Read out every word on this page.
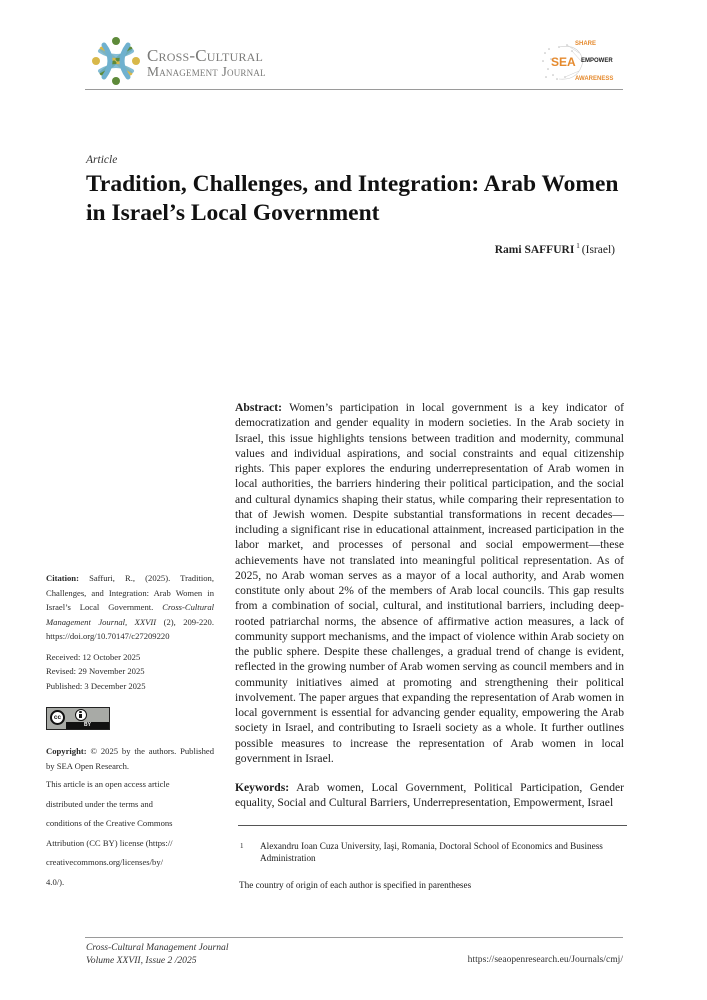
Cross-Cultural
Management Journal
SEA
SHARE
EMPOWER
AWARENESS
Article
Tradition, Challenges, and Integration: Arab Women in Israel’s Local Government
Rami SAFFURI $^1$ (Israel)

Abstract: Women’s participation in local government is a key indicator of democratization and gender equality in modern societies. In the Arab society in Israel, this issue highlights tensions between tradition and modernity, communal values and individual aspirations, and social constraints and equal citizenship rights. This paper explores the enduring underrepresentation of Arab women in local authorities, the barriers hindering their political participation, and the social and cultural dynamics shaping their status, while comparing their representation to that of Jewish women. Despite substantial transformations in recent decades—including a significant rise in educational attainment, increased participation in the labor market, and processes of personal and social empowerment—these achievements have not translated into meaningful political representation. As of 2025, no Arab woman serves as a mayor of a local authority, and Arab women constitute only about 2% of the members of Arab local councils. This gap results from a combination of social, cultural, and institutional barriers, including deep-rooted patriarchal norms, the absence of affirmative action measures, a lack of community support mechanisms, and the impact of violence within Arab society on the public sphere. Despite these challenges, a gradual trend of change is evident, reflected in the growing number of Arab women serving as council members and in community initiatives aimed at promoting and strengthening their political involvement. The paper argues that expanding the representation of Arab women in local government is essential for advancing gender equality, empowering the Arab society in Israel, and contributing to Israeli society as a whole. It further outlines possible measures to increase the representation of Arab women in local government in Israel.

Keywords: Arab women, Local Government, Political Participation, Gender equality, Social and Cultural Barriers, Underrepresentation, Empowerment, Israel

1	Alexandru Ioan Cuza University, Iaşi, Romania, Doctoral School of Economics and Business Administration
The country of origin of each author is specified in parentheses

Citation: Saffuri, R., (2025). Tradition, Challenges, and Integration: Arab Women in Israel’s Local Government. Cross-Cultural Management Journal, XXVII (2), 209-220. https://doi.org/10.70147/c27209220

Received: 12 October 2025
Revised: 29 November 2025
Published: 3 December 2025

cc
BY

Copyright: © 2025 by the authors. Published by SEA Open Research.

This article is an open access article

distributed under the terms and

conditions of the Creative Commons

Attribution (CC BY) license (https://

creativecommons.org/licenses/by/

4.0/).

Cross-Cultural Management Journal
Volume XXVII, Issue 2 /2025	https://seaopenresearch.eu/Journals/cmj/
